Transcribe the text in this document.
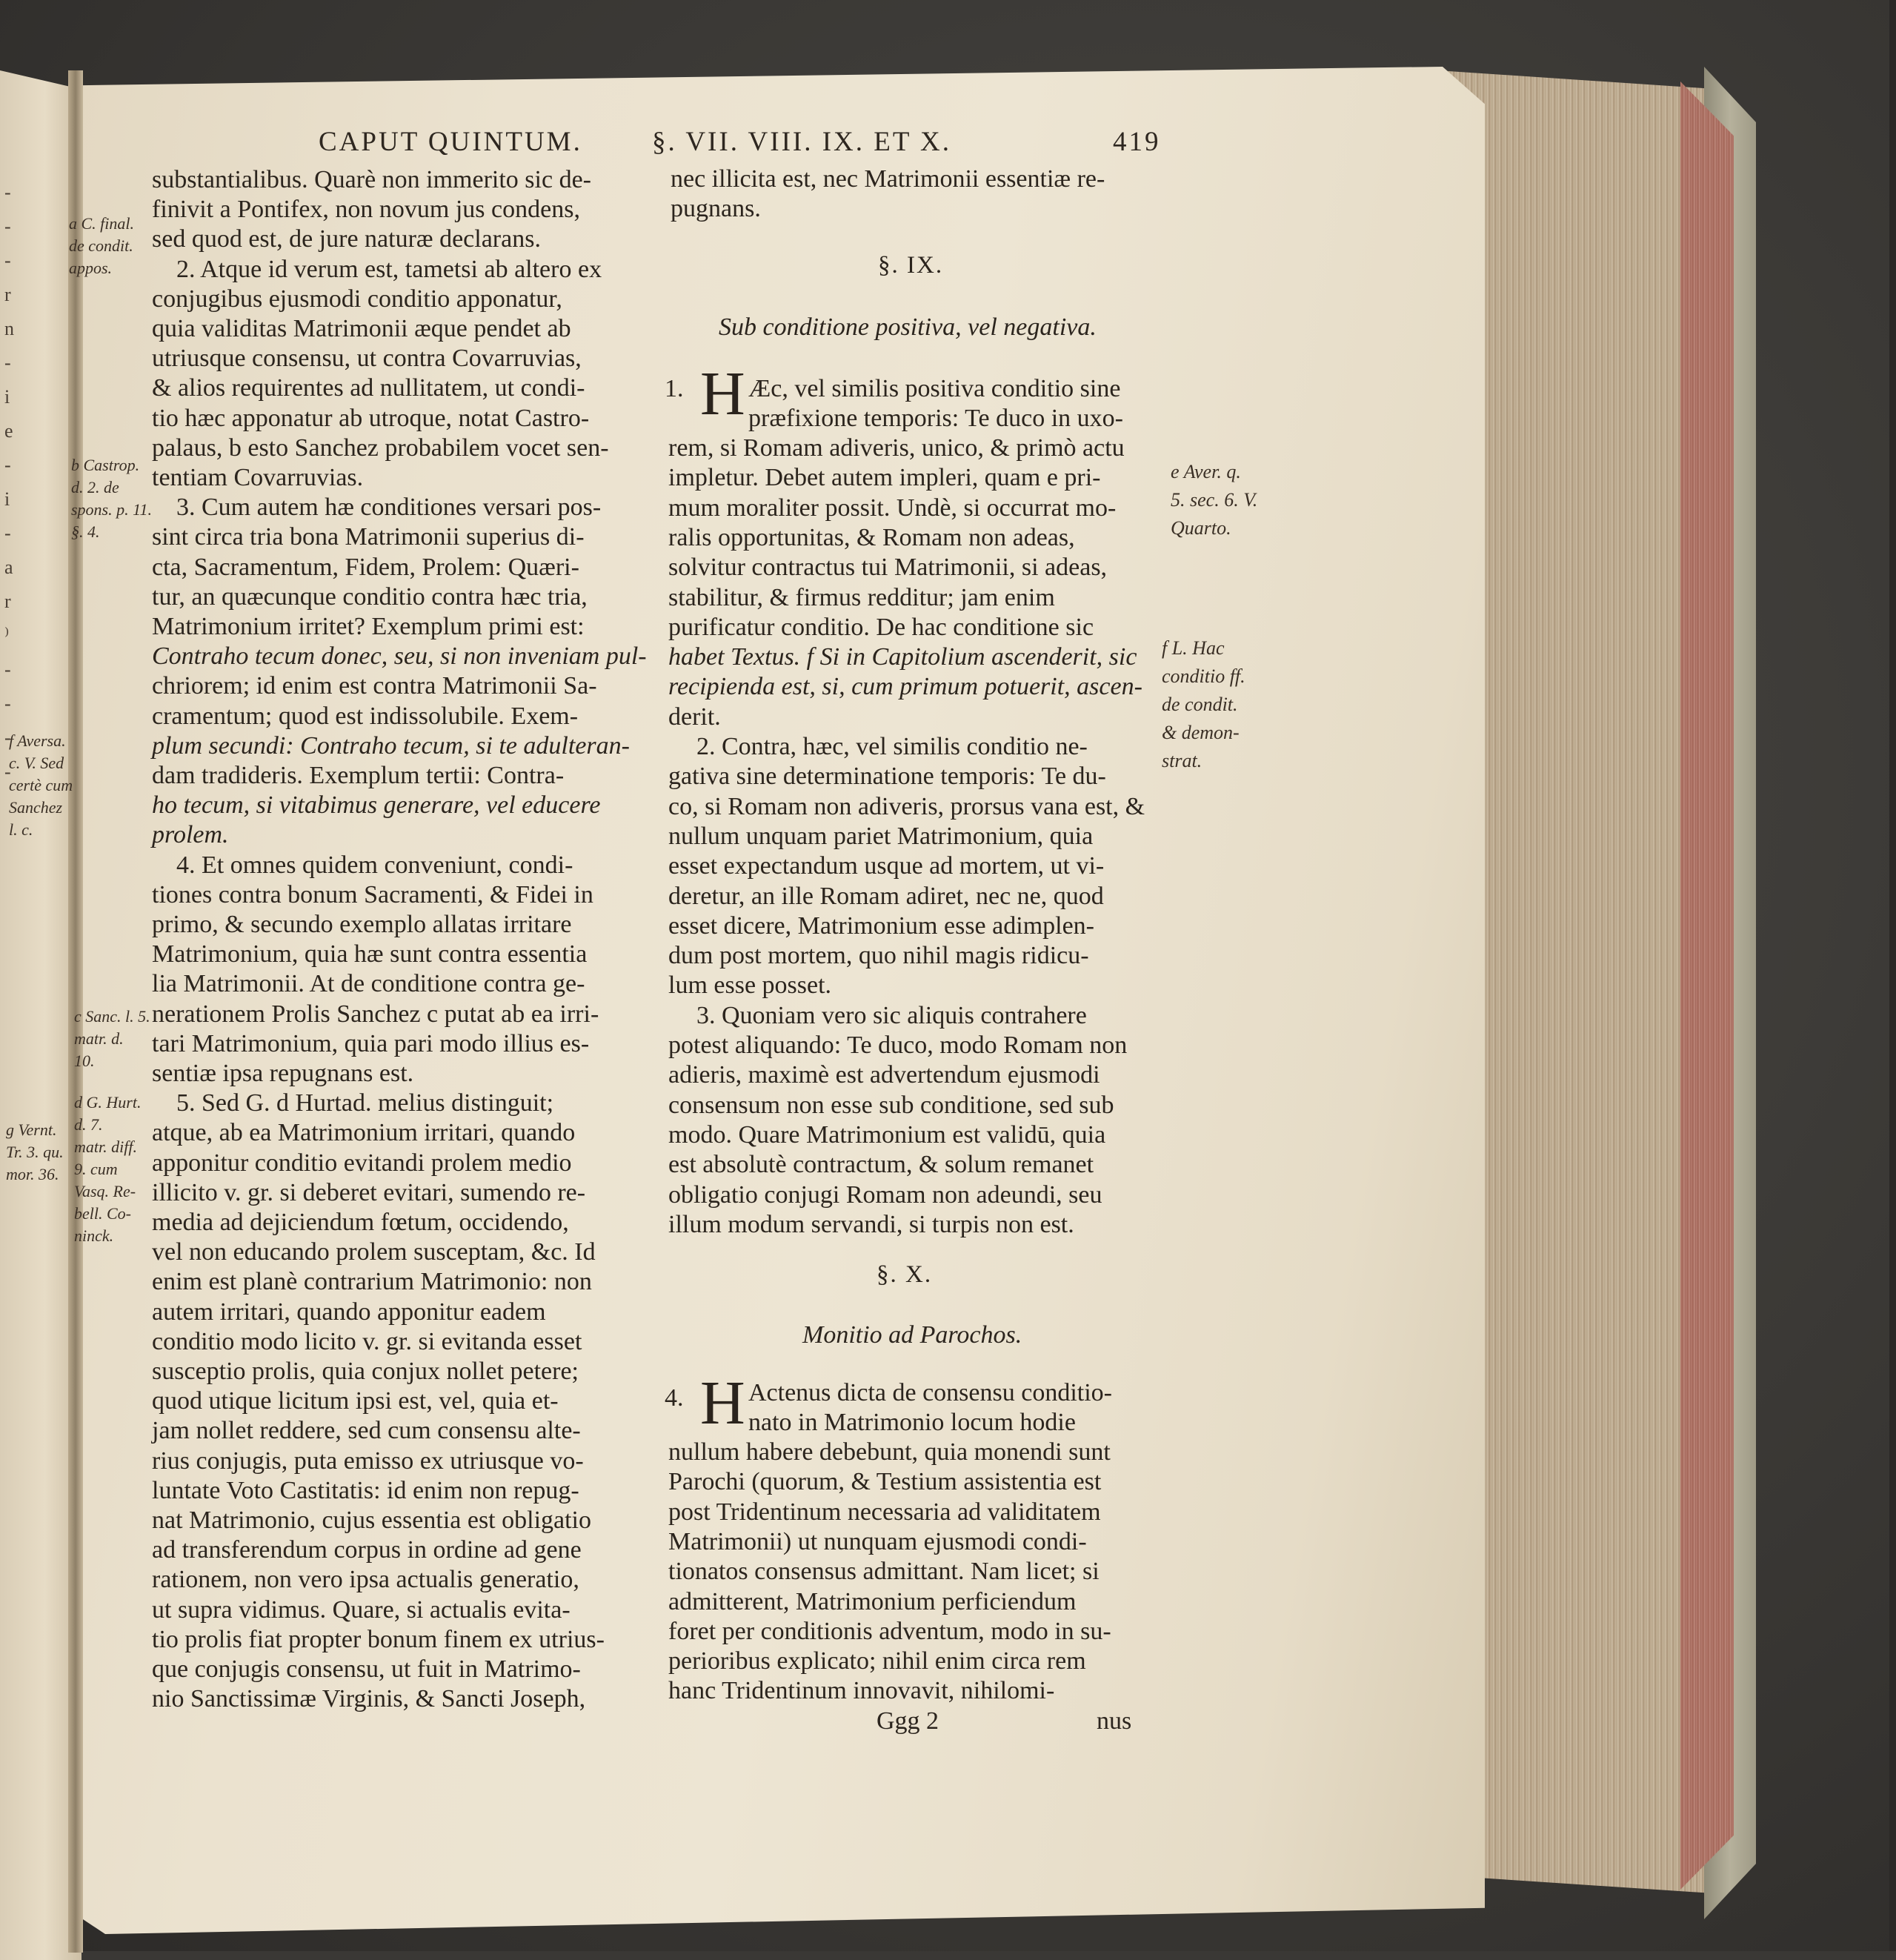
-
-
-
r
n
-
i
e
-
i
-
a
r
⁾
-
-
-
-
CAPUT QUINTUM.	§. VII. VIII. IX. ET X.	419
substantialibus. Quarè non immerito sic de-
finivit a Pontifex, non novum jus condens,
sed quod est, de jure naturæ declarans.
2. Atque id verum est, tametsi ab altero ex
conjugibus ejusmodi conditio apponatur,
quia validitas Matrimonii æque pendet ab
utriusque consensu, ut contra Covarruvias,
& alios requirentes ad nullitatem, ut condi-
tio hæc apponatur ab utroque, notat Castro-
palaus, b esto Sanchez probabilem vocet sen-
tentiam Covarruvias.
3. Cum autem hæ conditiones versari pos-
sint circa tria bona Matrimonii superius di-
cta, Sacramentum, Fidem, Prolem: Quæri-
tur, an quæcunque conditio contra hæc tria,
Matrimonium irritet? Exemplum primi est:
Contraho tecum donec, seu, si non inveniam pul-
chriorem; id enim est contra Matrimonii Sa-
cramentum; quod est indissolubile. Exem-
plum secundi: Contraho tecum, si te adulteran-
dam tradideris. Exemplum tertii: Contra-
ho tecum, si vitabimus generare, vel educere
prolem.
4. Et omnes quidem conveniunt, condi-
tiones contra bonum Sacramenti, & Fidei in
primo, & secundo exemplo allatas irritare
Matrimonium, quia hæ sunt contra essentia
lia Matrimonii. At de conditione contra ge-
nerationem Prolis Sanchez c putat ab ea irri-
tari Matrimonium, quia pari modo illius es-
sentiæ ipsa repugnans est.
5. Sed G. d Hurtad. melius distinguit;
atque, ab ea Matrimonium irritari, quando
apponitur conditio evitandi prolem medio
illicito v. gr. si deberet evitari, sumendo re-
media ad dejiciendum fœtum, occidendo,
vel non educando prolem susceptam, &c. Id
enim est planè contrarium Matrimonio: non
autem irritari, quando apponitur eadem
conditio modo licito v. gr. si evitanda esset
susceptio prolis, quia conjux nollet petere;
quod utique licitum ipsi est, vel, quia et-
jam nollet reddere, sed cum consensu alte-
rius conjugis, puta emisso ex utriusque vo-
luntate Voto Castitatis: id enim non repug-
nat Matrimonio, cujus essentia est obligatio
ad transferendum corpus in ordine ad gene
rationem, non vero ipsa actualis generatio,
ut supra vidimus. Quare, si actualis evita-
tio prolis fiat propter bonum finem ex utrius-
que conjugis consensu, ut fuit in Matrimo-
nio Sanctissimæ Virginis, & Sancti Joseph,
a C. final.
de condit.
appos.
b Castrop.
d. 2. de
spons. p. 11.
§. 4.
f Aversa.
c. V. Sed
certè cum
Sanchez
l. c.
c Sanc. l. 5.
matr. d.
10.
d G. Hurt.
d. 7.
matr. diff.
9. cum
Vasq. Re-
bell. Co-
ninck.
g Vernt.
Tr. 3. qu.
mor. 36.
nec illicita est, nec Matrimonii essentiæ re-
pugnans.
§. IX.
Sub conditione positiva, vel negativa.
1. H Æc, vel similis positiva conditio sine
præfixione temporis: Te duco in uxo-
rem, si Romam adiveris, unico, & primò actu
impletur. Debet autem impleri, quam e pri-
mum moraliter possit. Undè, si occurrat mo-
ralis opportunitas, & Romam non adeas,
solvitur contractus tui Matrimonii, si adeas,
stabilitur, & firmus redditur; jam enim
purificatur conditio. De hac conditione sic
habet Textus. f Si in Capitolium ascenderit, sic
recipienda est, si, cum primum potuerit, ascen-
derit.
2. Contra, hæc, vel similis conditio ne-
gativa sine determinatione temporis: Te du-
co, si Romam non adiveris, prorsus vana est, &
nullum unquam pariet Matrimonium, quia
esset expectandum usque ad mortem, ut vi-
deretur, an ille Romam adiret, nec ne, quod
esset dicere, Matrimonium esse adimplen-
dum post mortem, quo nihil magis ridicu-
lum esse posset.
3. Quoniam vero sic aliquis contrahere
potest aliquando: Te duco, modo Romam non
adieris, maximè est advertendum ejusmodi
consensum non esse sub conditione, sed sub
modo. Quare Matrimonium est validū, quia
est absolutè contractum, & solum remanet
obligatio conjugi Romam non adeundi, seu
illum modum servandi, si turpis non est.
§. X.
Monitio ad Parochos.
4. H Actenus dicta de consensu conditio-
nato in Matrimonio locum hodie
nullum habere debebunt, quia monendi sunt
Parochi (quorum, & Testium assistentia est
post Tridentinum necessaria ad validitatem
Matrimonii) ut nunquam ejusmodi condi-
tionatos consensus admittant. Nam licet; si
admitterent, Matrimonium perficiendum
foret per conditionis adventum, modo in su-
perioribus explicato; nihil enim circa rem
hanc Tridentinum innovavit, nihilomi-
Ggg 2	nus
e Aver. q.
5. sec. 6. V.
Quarto.
f L. Hac
conditio ff.
de condit.
& demon-
strat.
